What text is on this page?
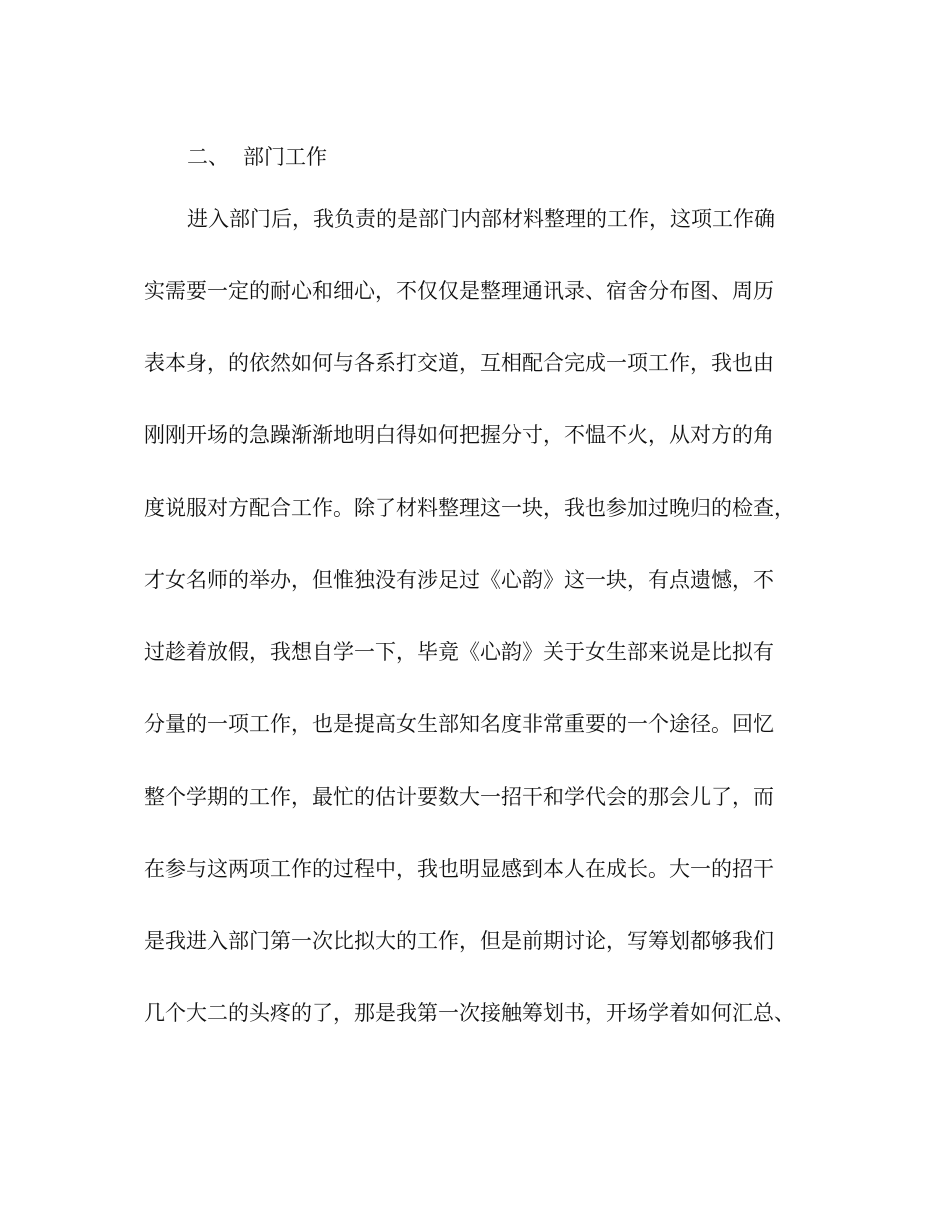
二、 部门工作
进入部门后，我负责的是部门内部材料整理的工作，这项工作确
实需要一定的耐心和细心，不仅仅是整理通讯录、宿舍分布图、周历
表本身，的依然如何与各系打交道，互相配合完成一项工作，我也由
刚刚开场的急躁渐渐地明白得如何把握分寸，不愠不火，从对方的角
度说服对方配合工作。除了材料整理这一块，我也参加过晚归的检查，
才女名师的举办，但惟独没有涉足过《心韵》这一块，有点遗憾，不
过趁着放假，我想自学一下，毕竟《心韵》关于女生部来说是比拟有
分量的一项工作，也是提高女生部知名度非常重要的一个途径。回忆
整个学期的工作，最忙的估计要数大一招干和学代会的那会儿了，而
在参与这两项工作的过程中，我也明显感到本人在成长。大一的招干
是我进入部门第一次比拟大的工作，但是前期讨论，写筹划都够我们
几个大二的头疼的了，那是我第一次接触筹划书，开场学着如何汇总、
